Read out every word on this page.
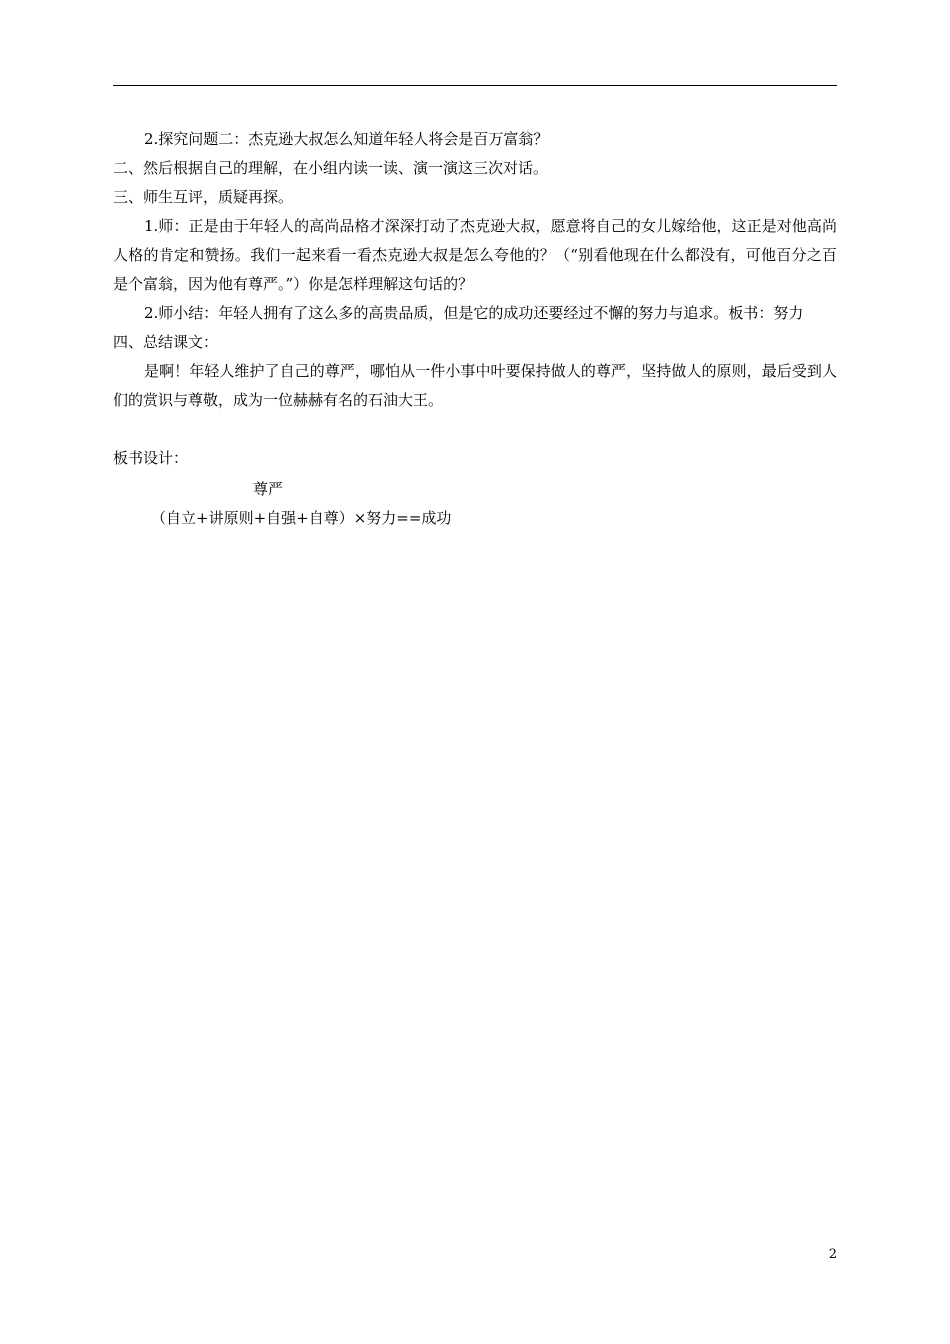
2.探究问题二：杰克逊大叔怎么知道年轻人将会是百万富翁？

二、然后根据自己的理解，在小组内读一读、演一演这三次对话。

三、师生互评，质疑再探。

1.师：正是由于年轻人的高尚品格才深深打动了杰克逊大叔，愿意将自己的女儿嫁给他，这正是对他高尚人格的肯定和赞扬。我们一起来看一看杰克逊大叔是怎么夸他的？（“别看他现在什么都没有，可他百分之百是个富翁，因为他有尊严。”）你是怎样理解这句话的？

2.师小结：年轻人拥有了这么多的高贵品质，但是它的成功还要经过不懈的努力与追求。板书：努力

四、总结课文：

是啊！年轻人维护了自己的尊严，哪怕从一件小事中叶要保持做人的尊严，坚持做人的原则，最后受到人们的赏识与尊敬，成为一位赫赫有名的石油大王。

板书设计：

尊严

（自立+讲原则+自强+自尊）×努力==成功

2
